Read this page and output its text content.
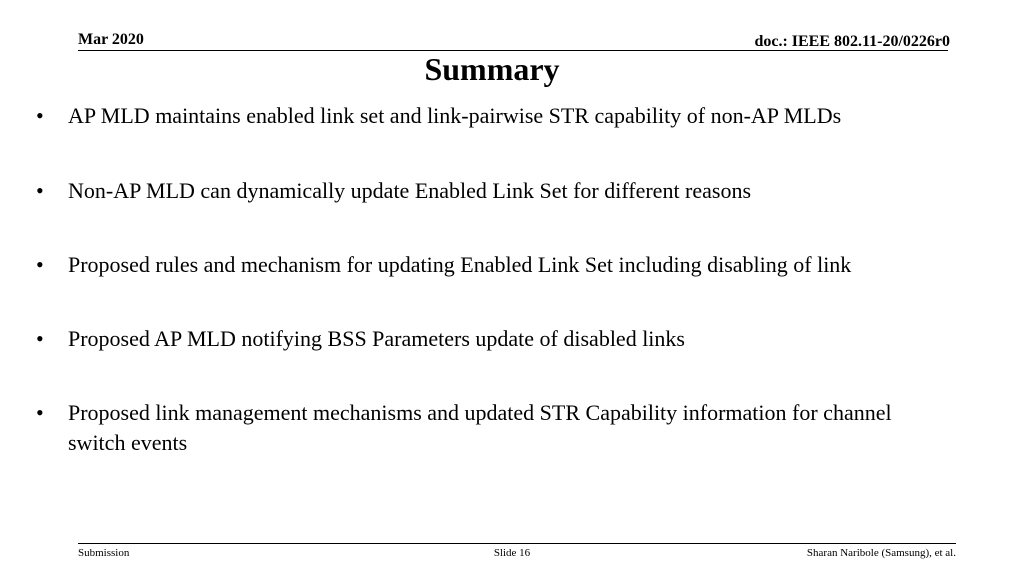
Mar 2020	doc.: IEEE 802.11-20/0226r0
Summary
•	AP MLD maintains enabled link set and link-pairwise STR capability of non-AP MLDs
•	Non-AP MLD can dynamically update Enabled Link Set for different reasons
•	Proposed rules and mechanism for updating Enabled Link Set including disabling of link
•	Proposed AP MLD notifying BSS Parameters update of disabled links
•	Proposed link management mechanisms and updated STR Capability information for channel switch events
Submission	Slide 16	Sharan Naribole (Samsung), et al.
